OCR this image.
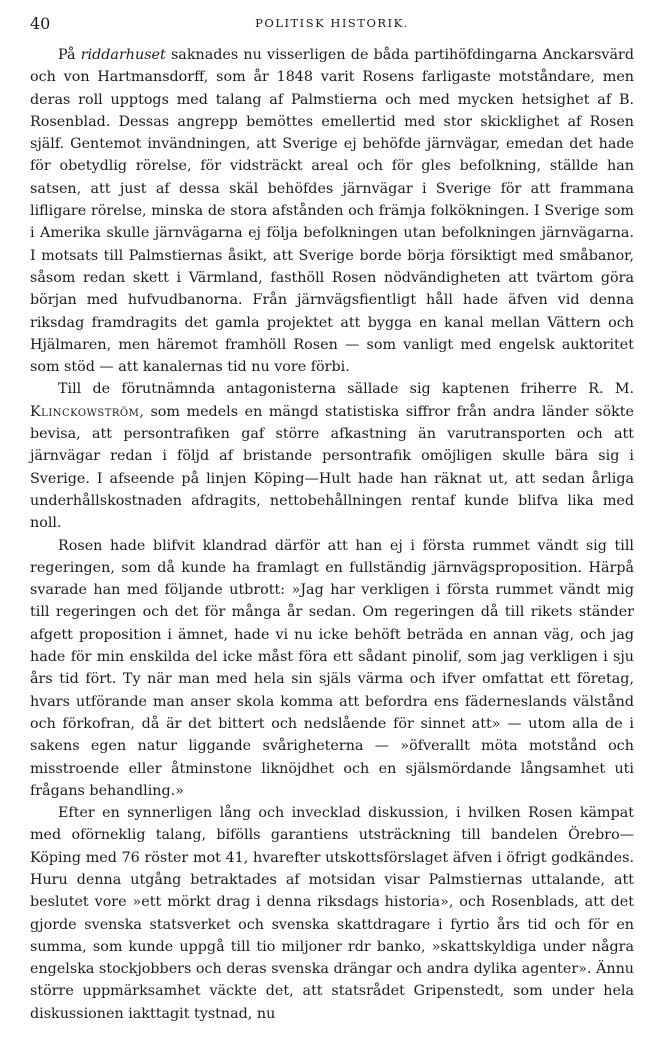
40	POLITISK HISTORIK.

På riddarhuset saknades nu visserligen de båda partihöfdingarna Anckarsvärd och von Hartmansdorff, som år 1848 varit Rosens farligaste motståndare, men deras roll upptogs med talang af Palmstierna och med mycken hetsighet af B. Rosenblad. Dessas angrepp bemöttes emellertid med stor skicklighet af Rosen själf. Gentemot invändningen, att Sverige ej behöfde järnvägar, emedan det hade för obetydlig rörelse, för vidsträckt areal och för gles befolkning, ställde han satsen, att just af dessa skäl behöfdes järnvägar i Sverige för att frammana lifligare rörelse, minska de stora afstånden och främja folkökningen. I Sverige som i Amerika skulle järnvägarna ej följa befolkningen utan befolkningen järnvägarna. I motsats till Palmstiernas åsikt, att Sverige borde börja försiktigt med småbanor, såsom redan skett i Värmland, fasthöll Rosen nödvändigheten att tvärtom göra början med hufvudbanorna. Från järnvägsfientligt håll hade äfven vid denna riksdag framdragits det gamla projektet att bygga en kanal mellan Vättern och Hjälmaren, men häremot framhöll Rosen — som vanligt med engelsk auktoritet som stöd — att kanalernas tid nu vore förbi.

Till de förutnämnda antagonisterna sällade sig kaptenen friherre R. M. Klinckowström, som medels en mängd statistiska siffror från andra länder sökte bevisa, att persontrafiken gaf större afkastning än varutransporten och att järnvägar redan i följd af bristande persontrafik omöjligen skulle bära sig i Sverige. I afseende på linjen Köping—Hult hade han räknat ut, att sedan årliga underhållskostnaden afdragits, nettobehållningen rentaf kunde blifva lika med noll.

Rosen hade blifvit klandrad därför att han ej i första rummet vändt sig till regeringen, som då kunde ha framlagt en fullständig järnvägsproposition. Härpå svarade han med följande utbrott: »Jag har verkligen i första rummet vändt mig till regeringen och det för många år sedan. Om regeringen då till rikets ständer afgett proposition i ämnet, hade vi nu icke behöft beträda en annan väg, och jag hade för min enskilda del icke måst föra ett sådant pinolif, som jag verkligen i sju års tid fört. Ty när man med hela sin själs värma och ifver omfattat ett företag, hvars utförande man anser skola komma att befordra ens fäderneslands välstånd och förkofran, då är det bittert och nedslående för sinnet att» — utom alla de i sakens egen natur liggande svårigheterna — »öfverallt möta motstånd och misstroende eller åtminstone liknöjdhet och en själsmördande långsamhet uti frågans behandling.»

Efter en synnerligen lång och invecklad diskussion, i hvilken Rosen kämpat med oförneklig talang, bifölls garantiens utsträckning till bandelen Örebro—Köping med 76 röster mot 41, hvarefter utskottsförslaget äfven i öfrigt godkändes. Huru denna utgång betraktades af motsidan visar Palmstiernas uttalande, att beslutet vore »ett mörkt drag i denna riksdags historia», och Rosenblads, att det gjorde svenska statsverket och svenska skattdragare i fyrtio års tid och för en summa, som kunde uppgå till tio miljoner rdr banko, »skattskyldiga under några engelska stockjobbers och deras svenska drängar och andra dylika agenter». Ännu större uppmärksamhet väckte det, att statsrådet Gripenstedt, som under hela diskussionen iakttagit tystnad, nu
